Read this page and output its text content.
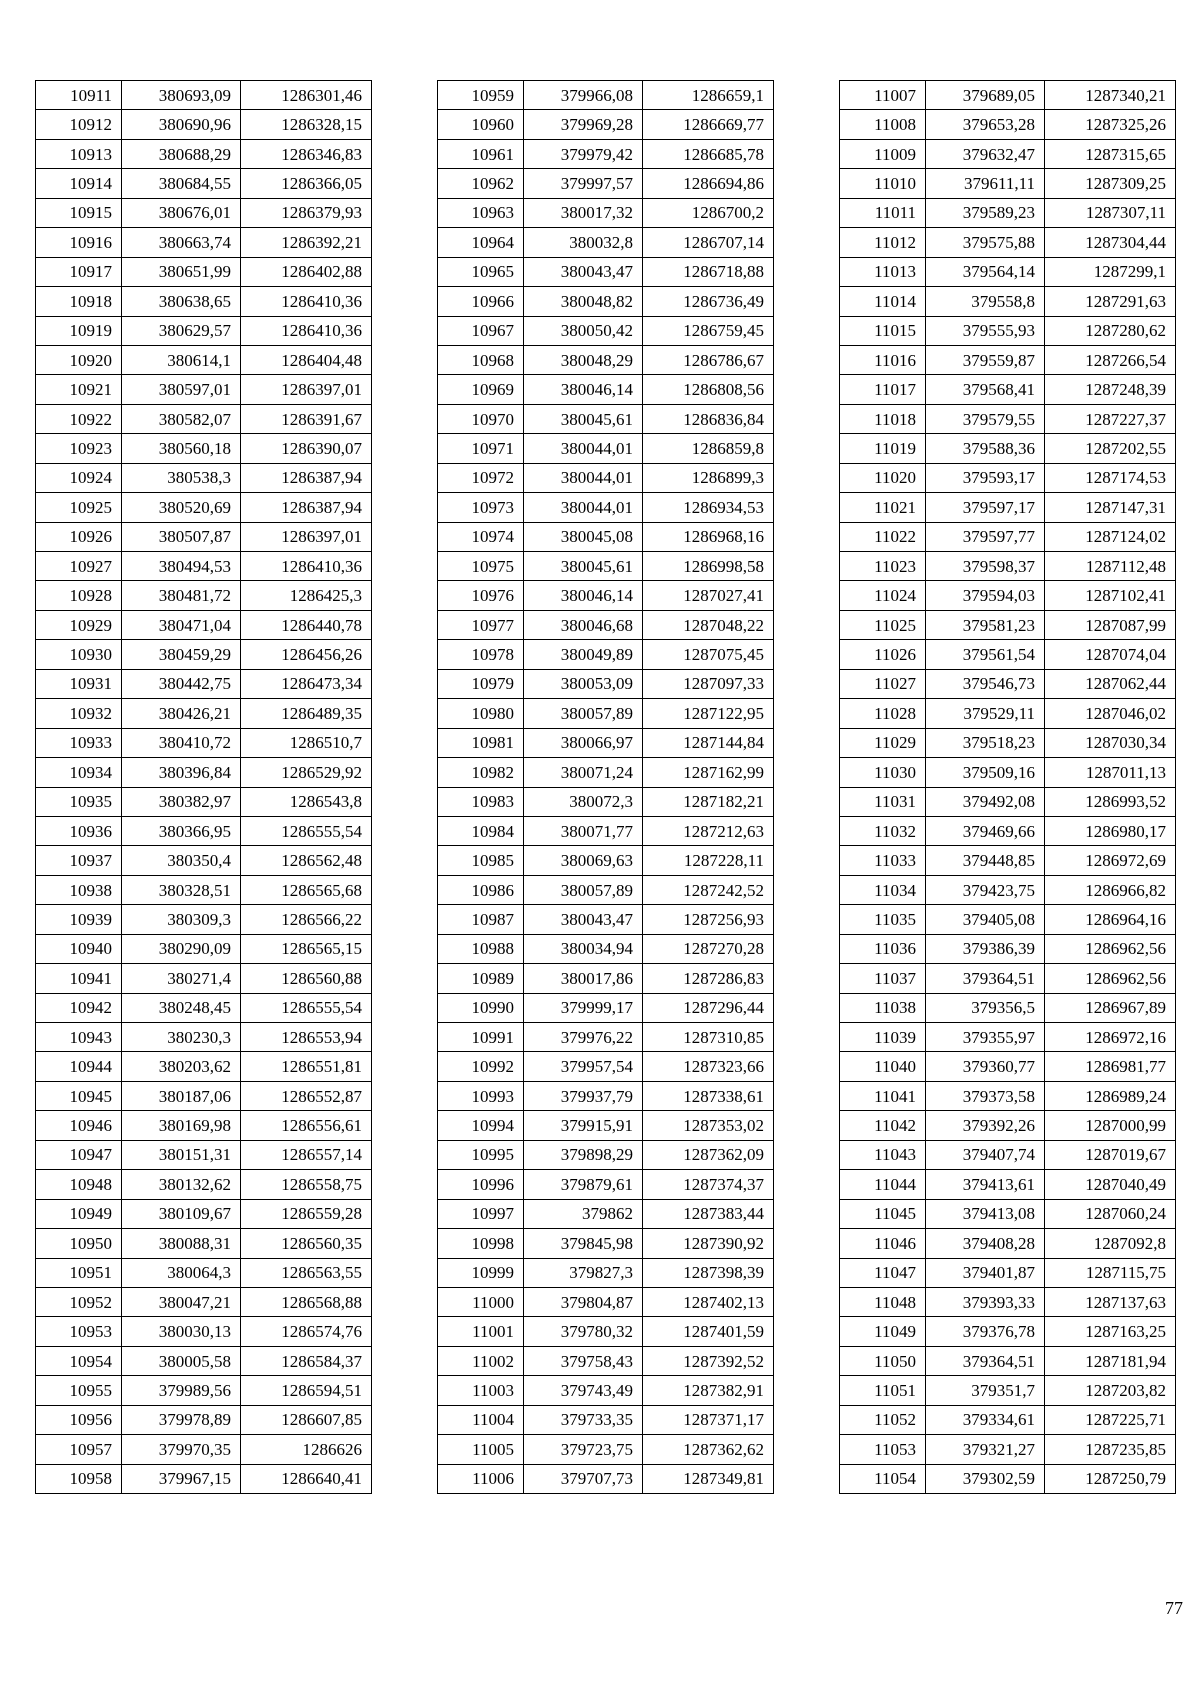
10911	380693,09	1286301,46
10912	380690,96	1286328,15
10913	380688,29	1286346,83
10914	380684,55	1286366,05
10915	380676,01	1286379,93
10916	380663,74	1286392,21
10917	380651,99	1286402,88
10918	380638,65	1286410,36
10919	380629,57	1286410,36
10920	380614,1	1286404,48
10921	380597,01	1286397,01
10922	380582,07	1286391,67
10923	380560,18	1286390,07
10924	380538,3	1286387,94
10925	380520,69	1286387,94
10926	380507,87	1286397,01
10927	380494,53	1286410,36
10928	380481,72	1286425,3
10929	380471,04	1286440,78
10930	380459,29	1286456,26
10931	380442,75	1286473,34
10932	380426,21	1286489,35
10933	380410,72	1286510,7
10934	380396,84	1286529,92
10935	380382,97	1286543,8
10936	380366,95	1286555,54
10937	380350,4	1286562,48
10938	380328,51	1286565,68
10939	380309,3	1286566,22
10940	380290,09	1286565,15
10941	380271,4	1286560,88
10942	380248,45	1286555,54
10943	380230,3	1286553,94
10944	380203,62	1286551,81
10945	380187,06	1286552,87
10946	380169,98	1286556,61
10947	380151,31	1286557,14
10948	380132,62	1286558,75
10949	380109,67	1286559,28
10950	380088,31	1286560,35
10951	380064,3	1286563,55
10952	380047,21	1286568,88
10953	380030,13	1286574,76
10954	380005,58	1286584,37
10955	379989,56	1286594,51
10956	379978,89	1286607,85
10957	379970,35	1286626
10958	379967,15	1286640,41
10959	379966,08	1286659,1
10960	379969,28	1286669,77
10961	379979,42	1286685,78
10962	379997,57	1286694,86
10963	380017,32	1286700,2
10964	380032,8	1286707,14
10965	380043,47	1286718,88
10966	380048,82	1286736,49
10967	380050,42	1286759,45
10968	380048,29	1286786,67
10969	380046,14	1286808,56
10970	380045,61	1286836,84
10971	380044,01	1286859,8
10972	380044,01	1286899,3
10973	380044,01	1286934,53
10974	380045,08	1286968,16
10975	380045,61	1286998,58
10976	380046,14	1287027,41
10977	380046,68	1287048,22
10978	380049,89	1287075,45
10979	380053,09	1287097,33
10980	380057,89	1287122,95
10981	380066,97	1287144,84
10982	380071,24	1287162,99
10983	380072,3	1287182,21
10984	380071,77	1287212,63
10985	380069,63	1287228,11
10986	380057,89	1287242,52
10987	380043,47	1287256,93
10988	380034,94	1287270,28
10989	380017,86	1287286,83
10990	379999,17	1287296,44
10991	379976,22	1287310,85
10992	379957,54	1287323,66
10993	379937,79	1287338,61
10994	379915,91	1287353,02
10995	379898,29	1287362,09
10996	379879,61	1287374,37
10997	379862	1287383,44
10998	379845,98	1287390,92
10999	379827,3	1287398,39
11000	379804,87	1287402,13
11001	379780,32	1287401,59
11002	379758,43	1287392,52
11003	379743,49	1287382,91
11004	379733,35	1287371,17
11005	379723,75	1287362,62
11006	379707,73	1287349,81
11007	379689,05	1287340,21
11008	379653,28	1287325,26
11009	379632,47	1287315,65
11010	379611,11	1287309,25
11011	379589,23	1287307,11
11012	379575,88	1287304,44
11013	379564,14	1287299,1
11014	379558,8	1287291,63
11015	379555,93	1287280,62
11016	379559,87	1287266,54
11017	379568,41	1287248,39
11018	379579,55	1287227,37
11019	379588,36	1287202,55
11020	379593,17	1287174,53
11021	379597,17	1287147,31
11022	379597,77	1287124,02
11023	379598,37	1287112,48
11024	379594,03	1287102,41
11025	379581,23	1287087,99
11026	379561,54	1287074,04
11027	379546,73	1287062,44
11028	379529,11	1287046,02
11029	379518,23	1287030,34
11030	379509,16	1287011,13
11031	379492,08	1286993,52
11032	379469,66	1286980,17
11033	379448,85	1286972,69
11034	379423,75	1286966,82
11035	379405,08	1286964,16
11036	379386,39	1286962,56
11037	379364,51	1286962,56
11038	379356,5	1286967,89
11039	379355,97	1286972,16
11040	379360,77	1286981,77
11041	379373,58	1286989,24
11042	379392,26	1287000,99
11043	379407,74	1287019,67
11044	379413,61	1287040,49
11045	379413,08	1287060,24
11046	379408,28	1287092,8
11047	379401,87	1287115,75
11048	379393,33	1287137,63
11049	379376,78	1287163,25
11050	379364,51	1287181,94
11051	379351,7	1287203,82
11052	379334,61	1287225,71
11053	379321,27	1287235,85
11054	379302,59	1287250,79
77
